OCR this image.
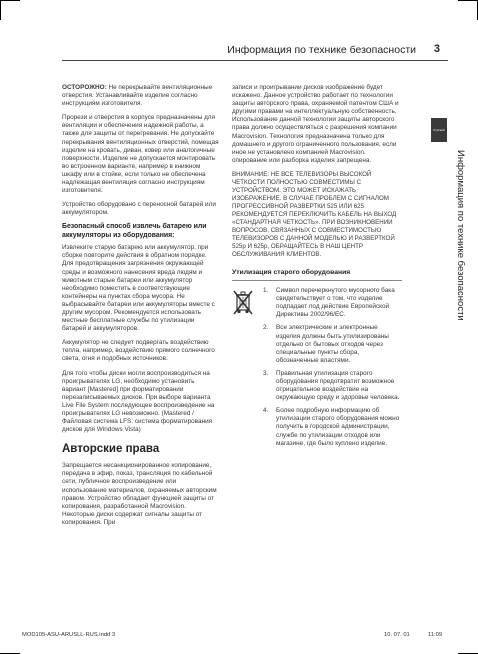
Информация по технике безопасности 3
Русский
Информация по технике безопасности

ОСТОРОЖНО: Не перекрывайте вентиляционные отверстия. Устанавливайте изделие согласно инструкциям изготовителя.

Прорези и отверстия в корпусе предназначены для вентиляции и обеспечения надежной работы, а также для защиты от перегревания. Не допускайте перекрывания вентиляционных отверстий, помещая изделие на кровать, диван, ковер или аналогичные поверхности. Изделие не допускается монтировать во встроенном варианте, например в книжном шкафу или в стойке, если только не обеспечена надлежащая вентиляция согласно инструкциям изготовителя.

Устройство оборудовано с переносной батарей или аккумулятором.

Безопасный способ извлечь батарею или аккумуляторы из оборудования:

Извлеките старую батарею или аккумулятор, при сборке повторите действия в обратном порядке. Для предотвращения загрязнения окружающей среды и возможного нанесения вреда людям и животным старые батареи или аккумулятор необходимо поместить в соответствующие контейнеры на пунктах сбора мусора. Не выбрасывайте батареи или аккумуляторы вместе с другим мусором. Рекомендуется использовать местные бесплатные службы по утилизации батарей и аккумуляторов.

Аккумулятор не следует подвергать воздействию тепла, например, воздействию прямого солнечного света, огня и подобных источников.

Для того чтобы диски могли воспроизводиться на проигрывателях LG, необходимо установить вариант [Mastered] при форматировании перезаписываемых дисков. При выборе варианта Live File System последующее воспроизведение на проигрывателях LG невозможно. (Mastered / Файловая система LFS: система форматирования дисков для Windows Vista)

Авторские права

Запрещается несанкционированное копирование, передача в эфир, показ, трансляция по кабельной сети, публичное воспроизведение или использование материалов, охраняемых авторским правом. Устройство обладает функцией защиты от копирования, разработанной Macrovision. Некоторые диски содержат сигналы защиты от копирования. При

записи и проигрывании дисков изображение будет искажено. Данное устройство работает по технологии защиты авторского права, охраняемой патентом США и другими правами на интеллектуальную собственность. Использование данной технологии защиты авторского права должно осуществляться с разрешения компании Macrovision. Технология предназначена только для домашнего и другого ограниченного пользования, если иное не установлено компанией Macrovision. опирование или разборка изделия запрещена.

ВНИМАНИЕ: НЕ ВСЕ ТЕЛЕВИЗОРЫ ВЫСОКОЙ ЧЕТКОСТИ ПОЛНОСТЬЮ СОВМЕСТИМЫ С УСТРОЙСТВОМ. ЭТО МОЖЕТ ИСКАЖАТЬ ИЗОБРАЖЕНИЕ. В СЛУЧАЕ ПРОБЛЕМ С СИГНАЛОМ ПРОГРЕССИВНОЙ РАЗВЕРТКИ 525 ИЛИ 625 РЕКОМЕНДУЕТСЯ ПЕРЕКЛЮЧИТЬ КАБЕЛЬ НА ВЫХОД «СТАНДАРТНАЯ ЧЕТКОСТЬ». ПРИ ВОЗНИКНОВЕНИИ ВОПРОСОВ, СВЯЗАННЫХ С СОВМЕСТИМОСТЬЮ ТЕЛЕВИЗОРОВ С ДАННОЙ МОДЕЛЬЮ И РАЗВЕРТКОЙ 525р И 625р, ОБРАЩАЙТЕСЬ В НАШ ЦЕНТР ОБСЛУЖИВАНИЯ КЛИЕНТОВ.

Утилизация старого оборудования
Символ перечеркнутого мусорного бака свидетельствует о том, что изделие подпадает под действие Европейской Директивы 2002/96/EC.
Все электрические и электронные изделия должны быть утилизированы отдельно от бытовых отходов через специальные пункты сбора, обозначенные властями.
Правильная утилизация старого оборудования предотвратит возможное отрицательное воздействие на окружающую среду и здоровье человека.
Более подробную информацию об утилизации старого оборудования можно получить в городской администрации, службе по утилизации отходов или магазине, где было куплено изделие.
MOD105-ASU-ARUSLL-RUS.indd 3	10. 07. 01	11:09
